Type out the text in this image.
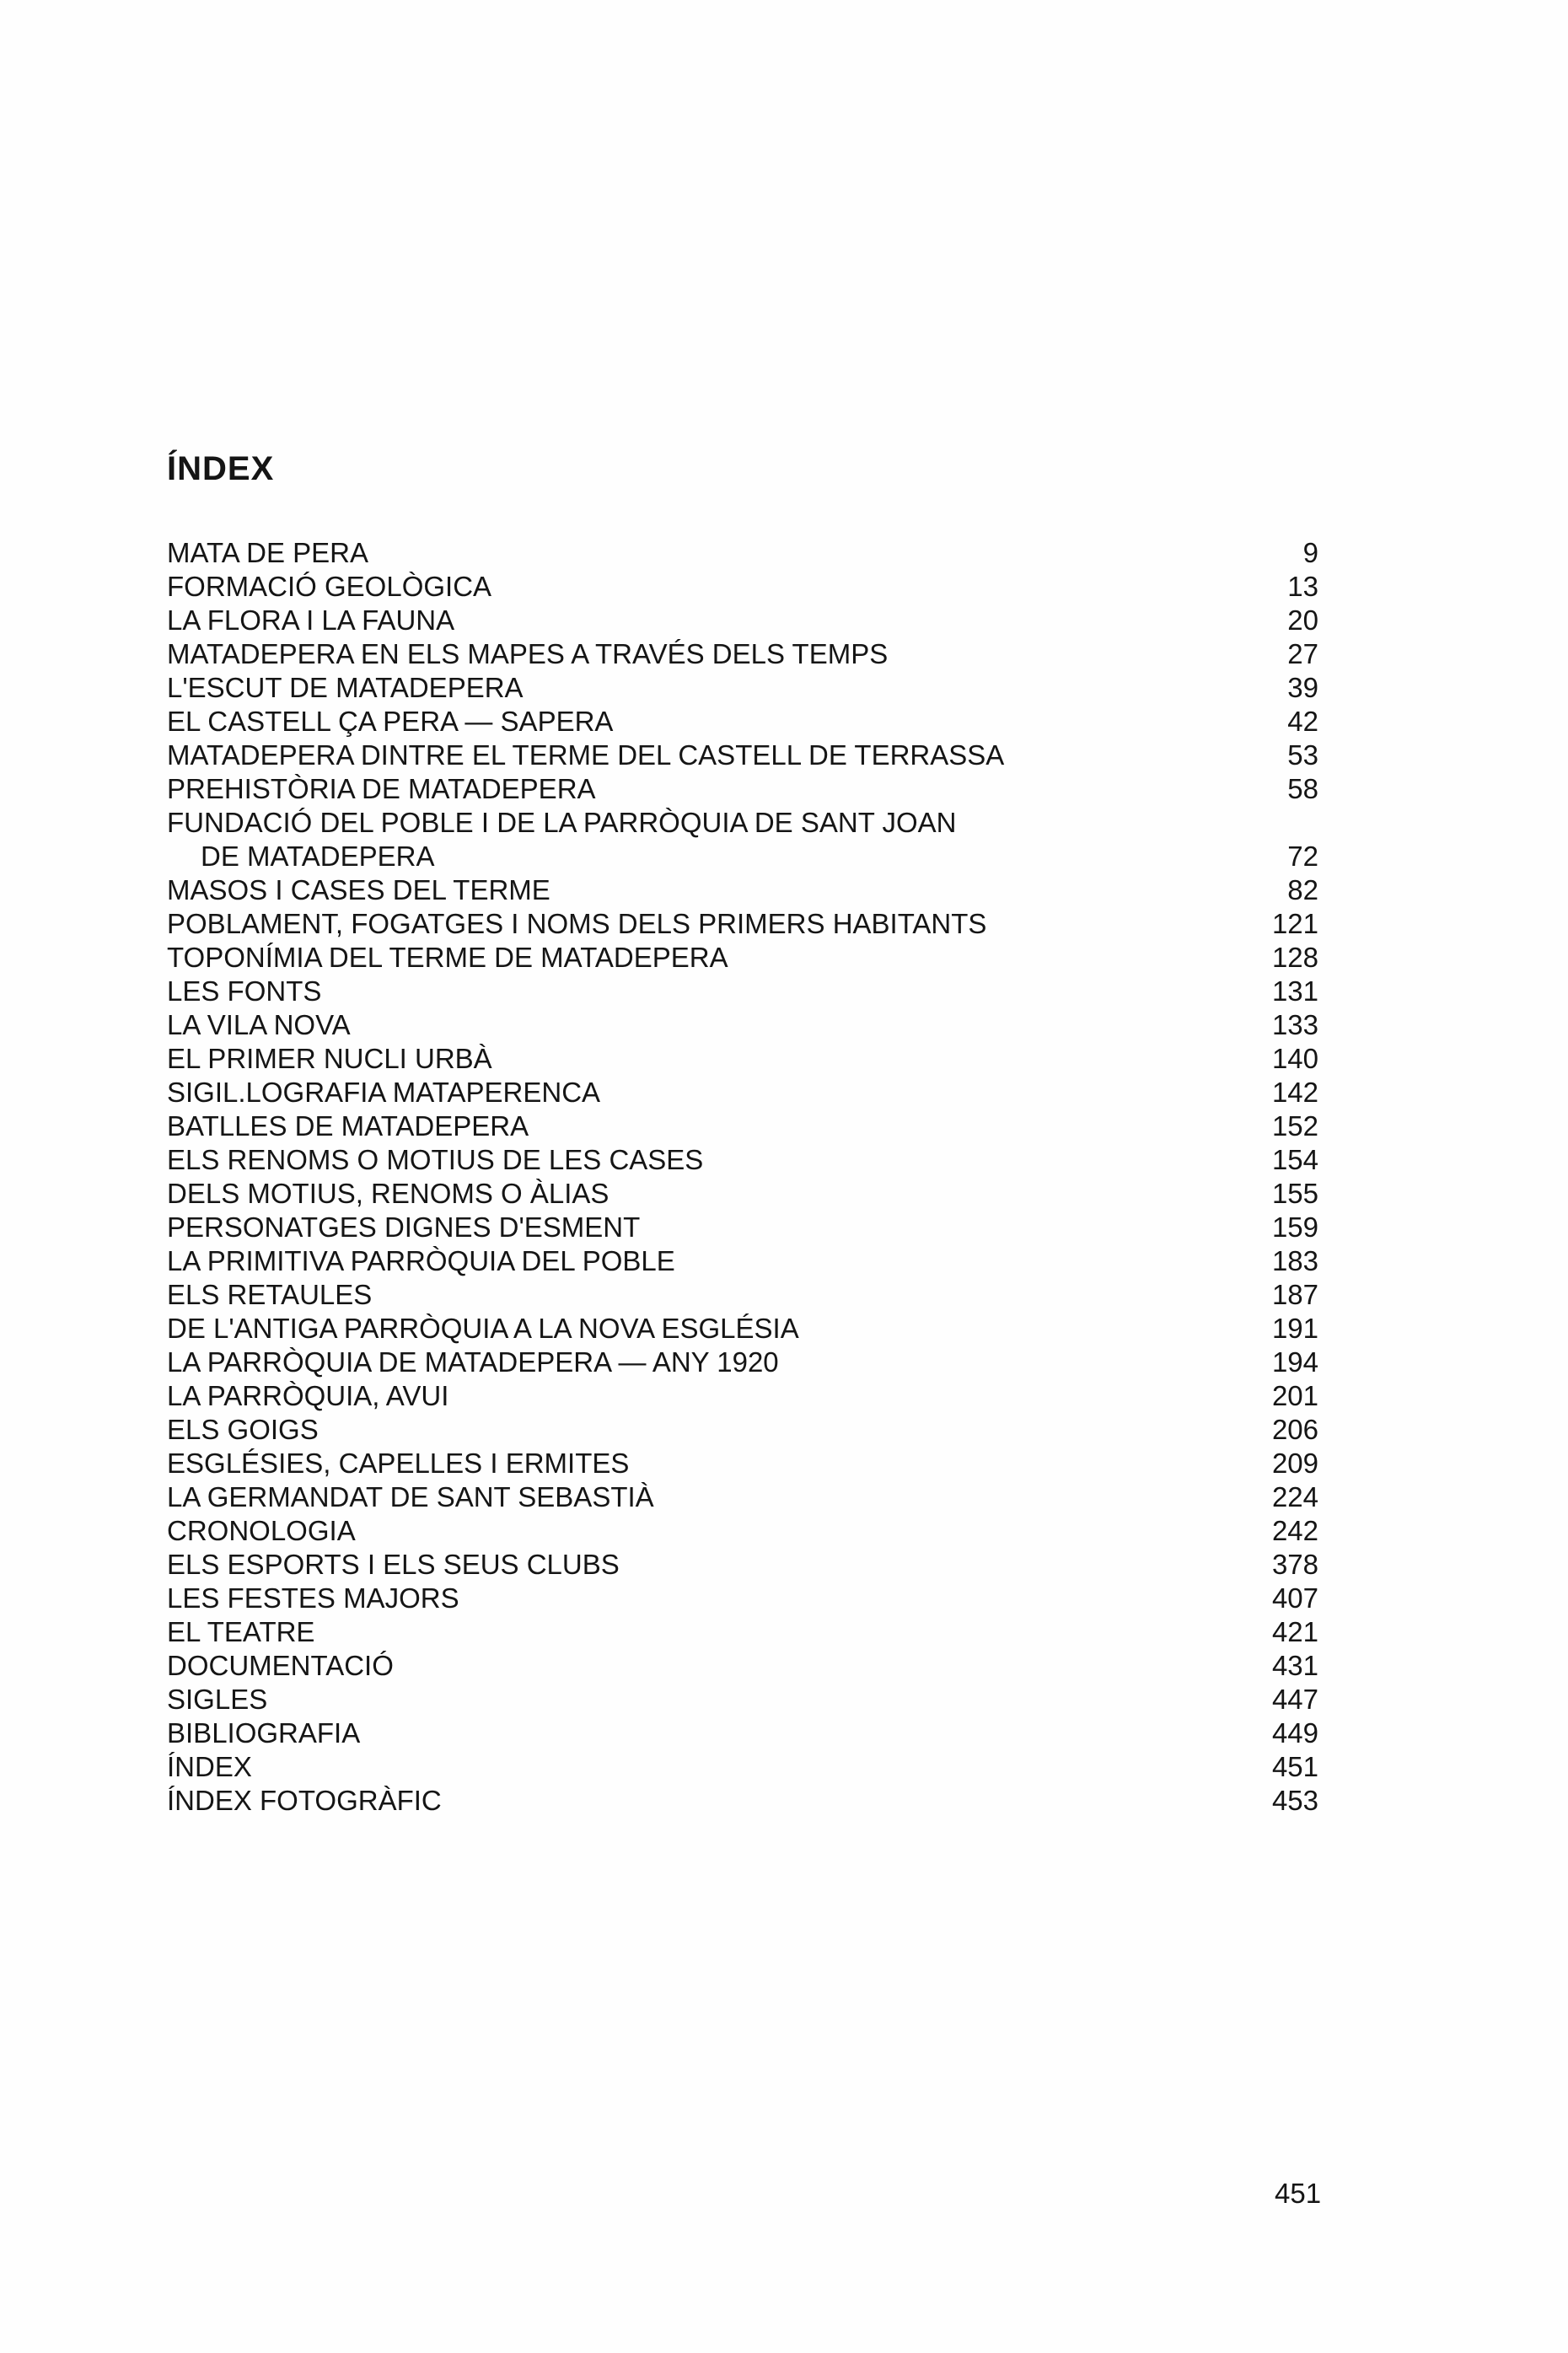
ÍNDEX
MATA DE PERA	9
FORMACIÓ GEOLÒGICA	13
LA FLORA I LA FAUNA	20
MATADEPERA EN ELS MAPES A TRAVÉS DELS TEMPS	27
L'ESCUT DE MATADEPERA	39
EL CASTELL ÇA PERA — SAPERA	42
MATADEPERA DINTRE EL TERME DEL CASTELL DE TERRASSA	53
PREHISTÒRIA DE MATADEPERA	58
FUNDACIÓ DEL POBLE I DE LA PARRÒQUIA DE SANT JOAN
DE MATADEPERA	72
MASOS I CASES DEL TERME	82
POBLAMENT, FOGATGES I NOMS DELS PRIMERS HABITANTS	121
TOPONÍMIA DEL TERME DE MATADEPERA	128
LES FONTS	131
LA VILA NOVA	133
EL PRIMER NUCLI URBÀ	140
SIGIL.LOGRAFIA MATAPERENCA	142
BATLLES DE MATADEPERA	152
ELS RENOMS O MOTIUS DE LES CASES	154
DELS MOTIUS, RENOMS O ÀLIAS	155
PERSONATGES DIGNES D'ESMENT	159
LA PRIMITIVA PARRÒQUIA DEL POBLE	183
ELS RETAULES	187
DE L'ANTIGA PARRÒQUIA A LA NOVA ESGLÉSIA	191
LA PARRÒQUIA DE MATADEPERA — ANY 1920	194
LA PARRÒQUIA, AVUI	201
ELS GOIGS	206
ESGLÉSIES, CAPELLES I ERMITES	209
LA GERMANDAT DE SANT SEBASTIÀ	224
CRONOLOGIA	242
ELS ESPORTS I ELS SEUS CLUBS	378
LES FESTES MAJORS	407
EL TEATRE	421
DOCUMENTACIÓ	431
SIGLES	447
BIBLIOGRAFIA	449
ÍNDEX	451
ÍNDEX FOTOGRÀFIC	453
451
